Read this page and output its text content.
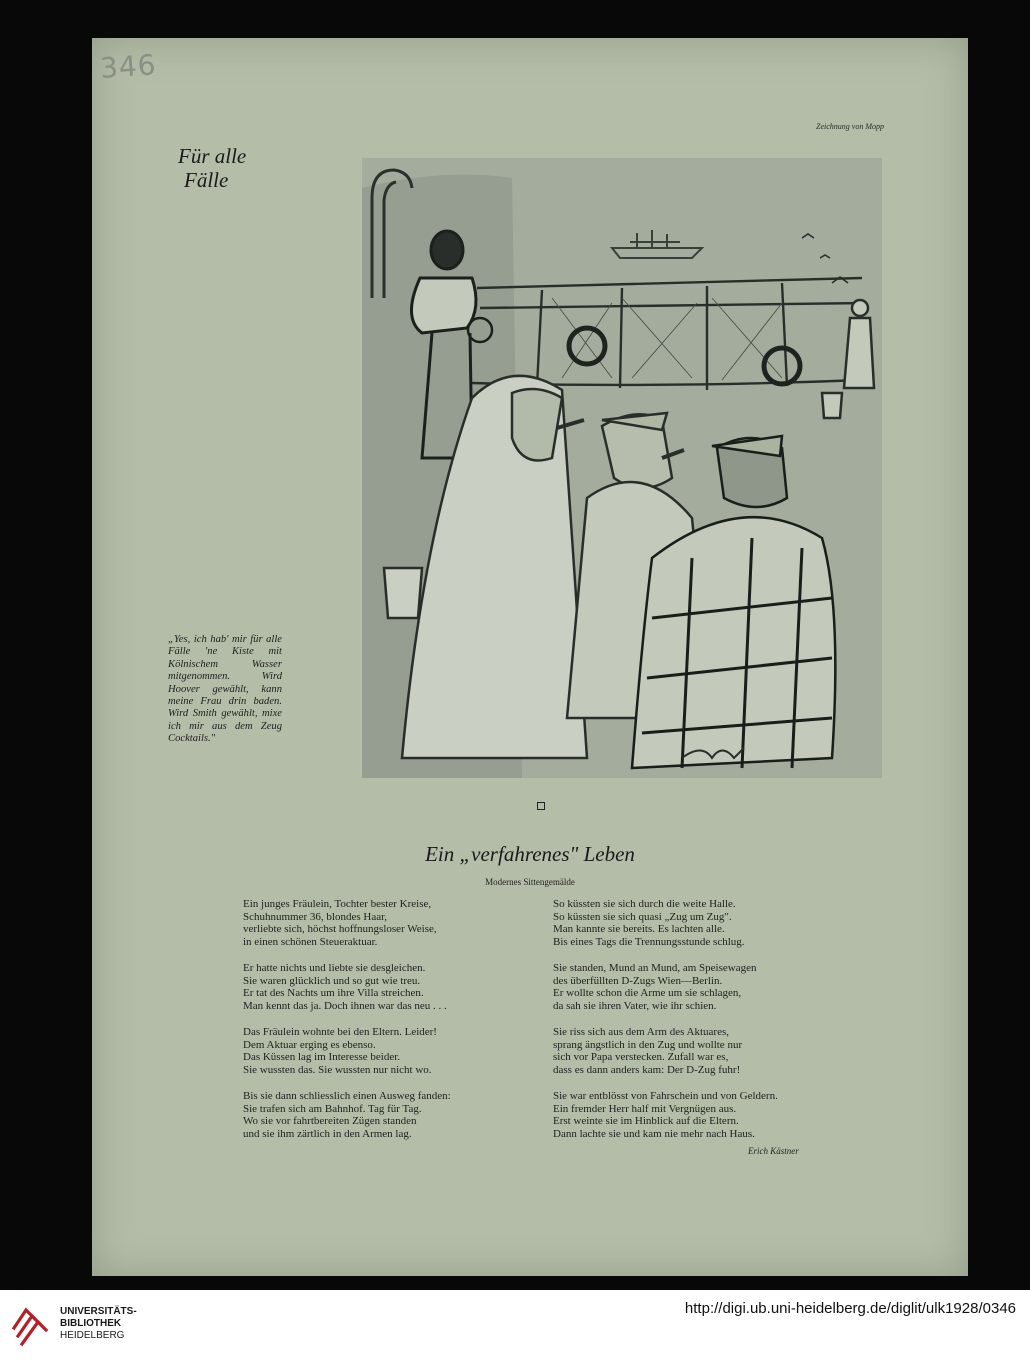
346
Zeichnung von Mopp
Für alle
Fälle
„Yes, ich hab' mir für alle Fälle 'ne Kiste mit Kölnischem Wasser mitgenommen. Wird Hoover gewählt, kann meine Frau drin baden. Wird Smith gewählt, mixe ich mir aus dem Zeug Cocktails."
Ein „verfahrenes" Leben
Modernes Sittengemälde
Ein junges Fräulein, Tochter bester Kreise,
Schuhnummer 36, blondes Haar,
verliebte sich, höchst hoffnungsloser Weise,
in einen schönen Steueraktuar.
Er hatte nichts und liebte sie desgleichen.
Sie waren glücklich und so gut wie treu.
Er tat des Nachts um ihre Villa streichen.
Man kennt das ja. Doch ihnen war das neu . . .
Das Fräulein wohnte bei den Eltern. Leider!
Dem Aktuar erging es ebenso.
Das Küssen lag im Interesse beider.
Sie wussten das. Sie wussten nur nicht wo.
Bis sie dann schliesslich einen Ausweg fanden:
Sie trafen sich am Bahnhof. Tag für Tag.
Wo sie vor fahrtbereiten Zügen standen
und sie ihm zärtlich in den Armen lag.
So küssten sie sich durch die weite Halle.
So küssten sie sich quasi „Zug um Zug".
Man kannte sie bereits. Es lachten alle.
Bis eines Tags die Trennungsstunde schlug.
Sie standen, Mund an Mund, am Speisewagen
des überfüllten D-Zugs Wien—Berlin.
Er wollte schon die Arme um sie schlagen,
da sah sie ihren Vater, wie ihr schien.
Sie riss sich aus dem Arm des Aktuares,
sprang ängstlich in den Zug und wollte nur
sich vor Papa verstecken. Zufall war es,
dass es dann anders kam: Der D-Zug fuhr!
Sie war entblösst von Fahrschein und von Geldern.
Ein fremder Herr half mit Vergnügen aus.
Erst weinte sie im Hinblick auf die Eltern.
Dann lachte sie und kam nie mehr nach Haus.
Erich Kästner
UNIVERSITÄTS-
BIBLIOTHEK
HEIDELBERG
http://digi.ub.uni-heidelberg.de/diglit/ulk1928/0346
